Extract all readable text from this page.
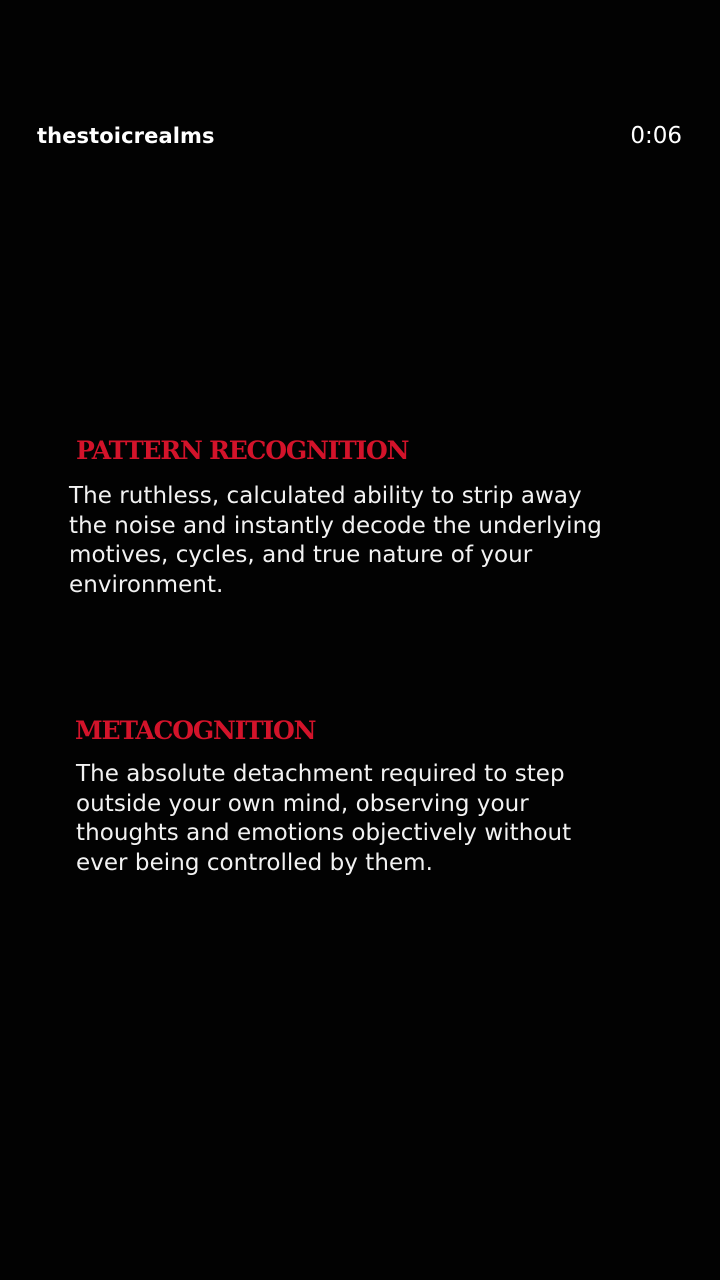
thestoicrealms	0:06
PATTERN RECOGNITION

The ruthless, calculated ability to strip away the noise and instantly decode the underlying motives, cycles, and true nature of your environment.

METACOGNITION

The absolute detachment required to step outside your own mind, observing your thoughts and emotions objectively without ever being controlled by them.
